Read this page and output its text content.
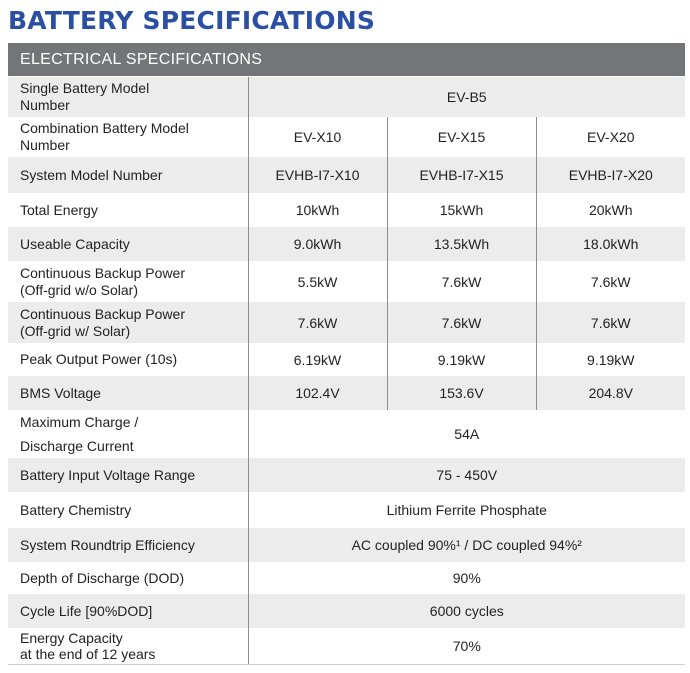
BATTERY SPECIFICATIONS
ELECTRICAL SPECIFICATIONS
Single Battery Model
Number	EV-B5		
Combination Battery Model
Number	EV-X10	EV-X15	EV-X20
System Model Number	EVHB-I7-X10	EVHB-I7-X15	EVHB-I7-X20
Total Energy	10kWh	15kWh	20kWh
Useable Capacity	9.0kWh	13.5kWh	18.0kWh
Continuous Backup Power
(Off-grid w/o Solar)	5.5kW	7.6kW	7.6kW
Continuous Backup Power
(Off-grid w/ Solar)	7.6kW	7.6kW	7.6kW
Peak Output Power (10s)	6.19kW	9.19kW	9.19kW
BMS Voltage	102.4V	153.6V	204.8V
Maximum Charge /
Discharge Current	54A		
Battery Input Voltage Range	75 - 450V		
Battery Chemistry	Lithium Ferrite Phosphate		
System Roundtrip Efficiency	AC coupled 90%¹ / DC coupled 94%²		
Depth of Discharge (DOD)	90%		
Cycle Life [90%DOD]	6000 cycles		
Energy Capacity
at the end of 12 years	70%		
